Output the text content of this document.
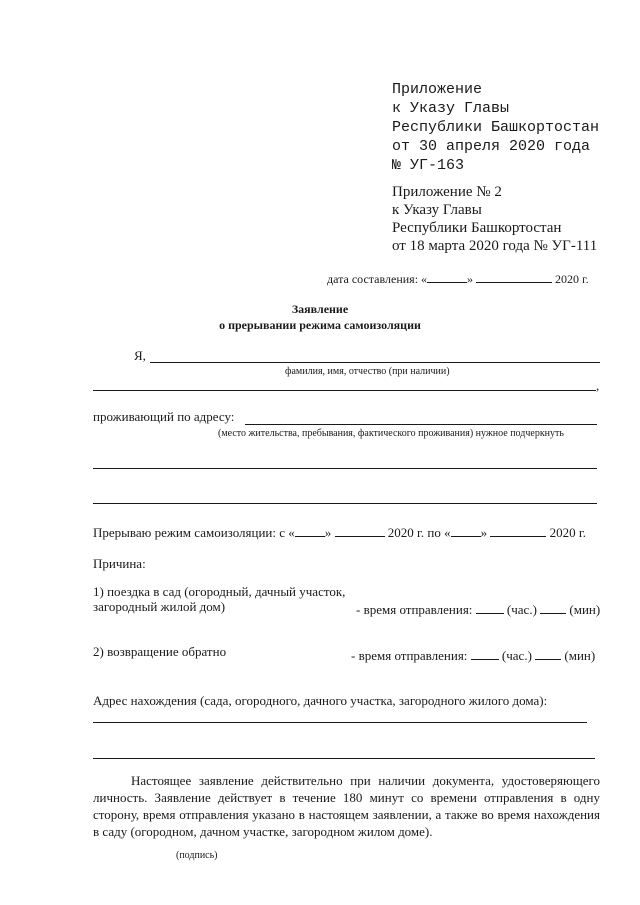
Приложение
к Указу Главы
Республики Башкортостан
от 30 апреля 2020 года
№ УГ-163
Приложение № 2
к Указу Главы
Республики Башкортостан
от 18 марта 2020 года № УГ-111
дата составления: «	»	2020 г.
Заявление
о прерывании режима самоизоляции
Я,
фамилия, имя, отчество (при наличии)
,
проживающий по адресу:
(место жительства, пребывания, фактического проживания) нужное подчеркнуть
Прерываю режим самоизоляции: с « »	2020 г. по « »	2020 г.
Причина:
1) поездка в сад (огородный, дачный участок,
загородный жилой дом)	- время отправления:	(час.)	(мин)
2) возвращение обратно	- время отправления:	(час.)	(мин)
Адрес нахождения (сада, огородного, дачного участка, загородного жилого дома):
Настоящее заявление действительно при наличии документа, удостоверяющего личность. Заявление действует в течение 180 минут со времени отправления в одну сторону, время отправления указано в настоящем заявлении, а также во время нахождения в саду (огородном, дачном участке, загородном жилом доме).
(подпись)
